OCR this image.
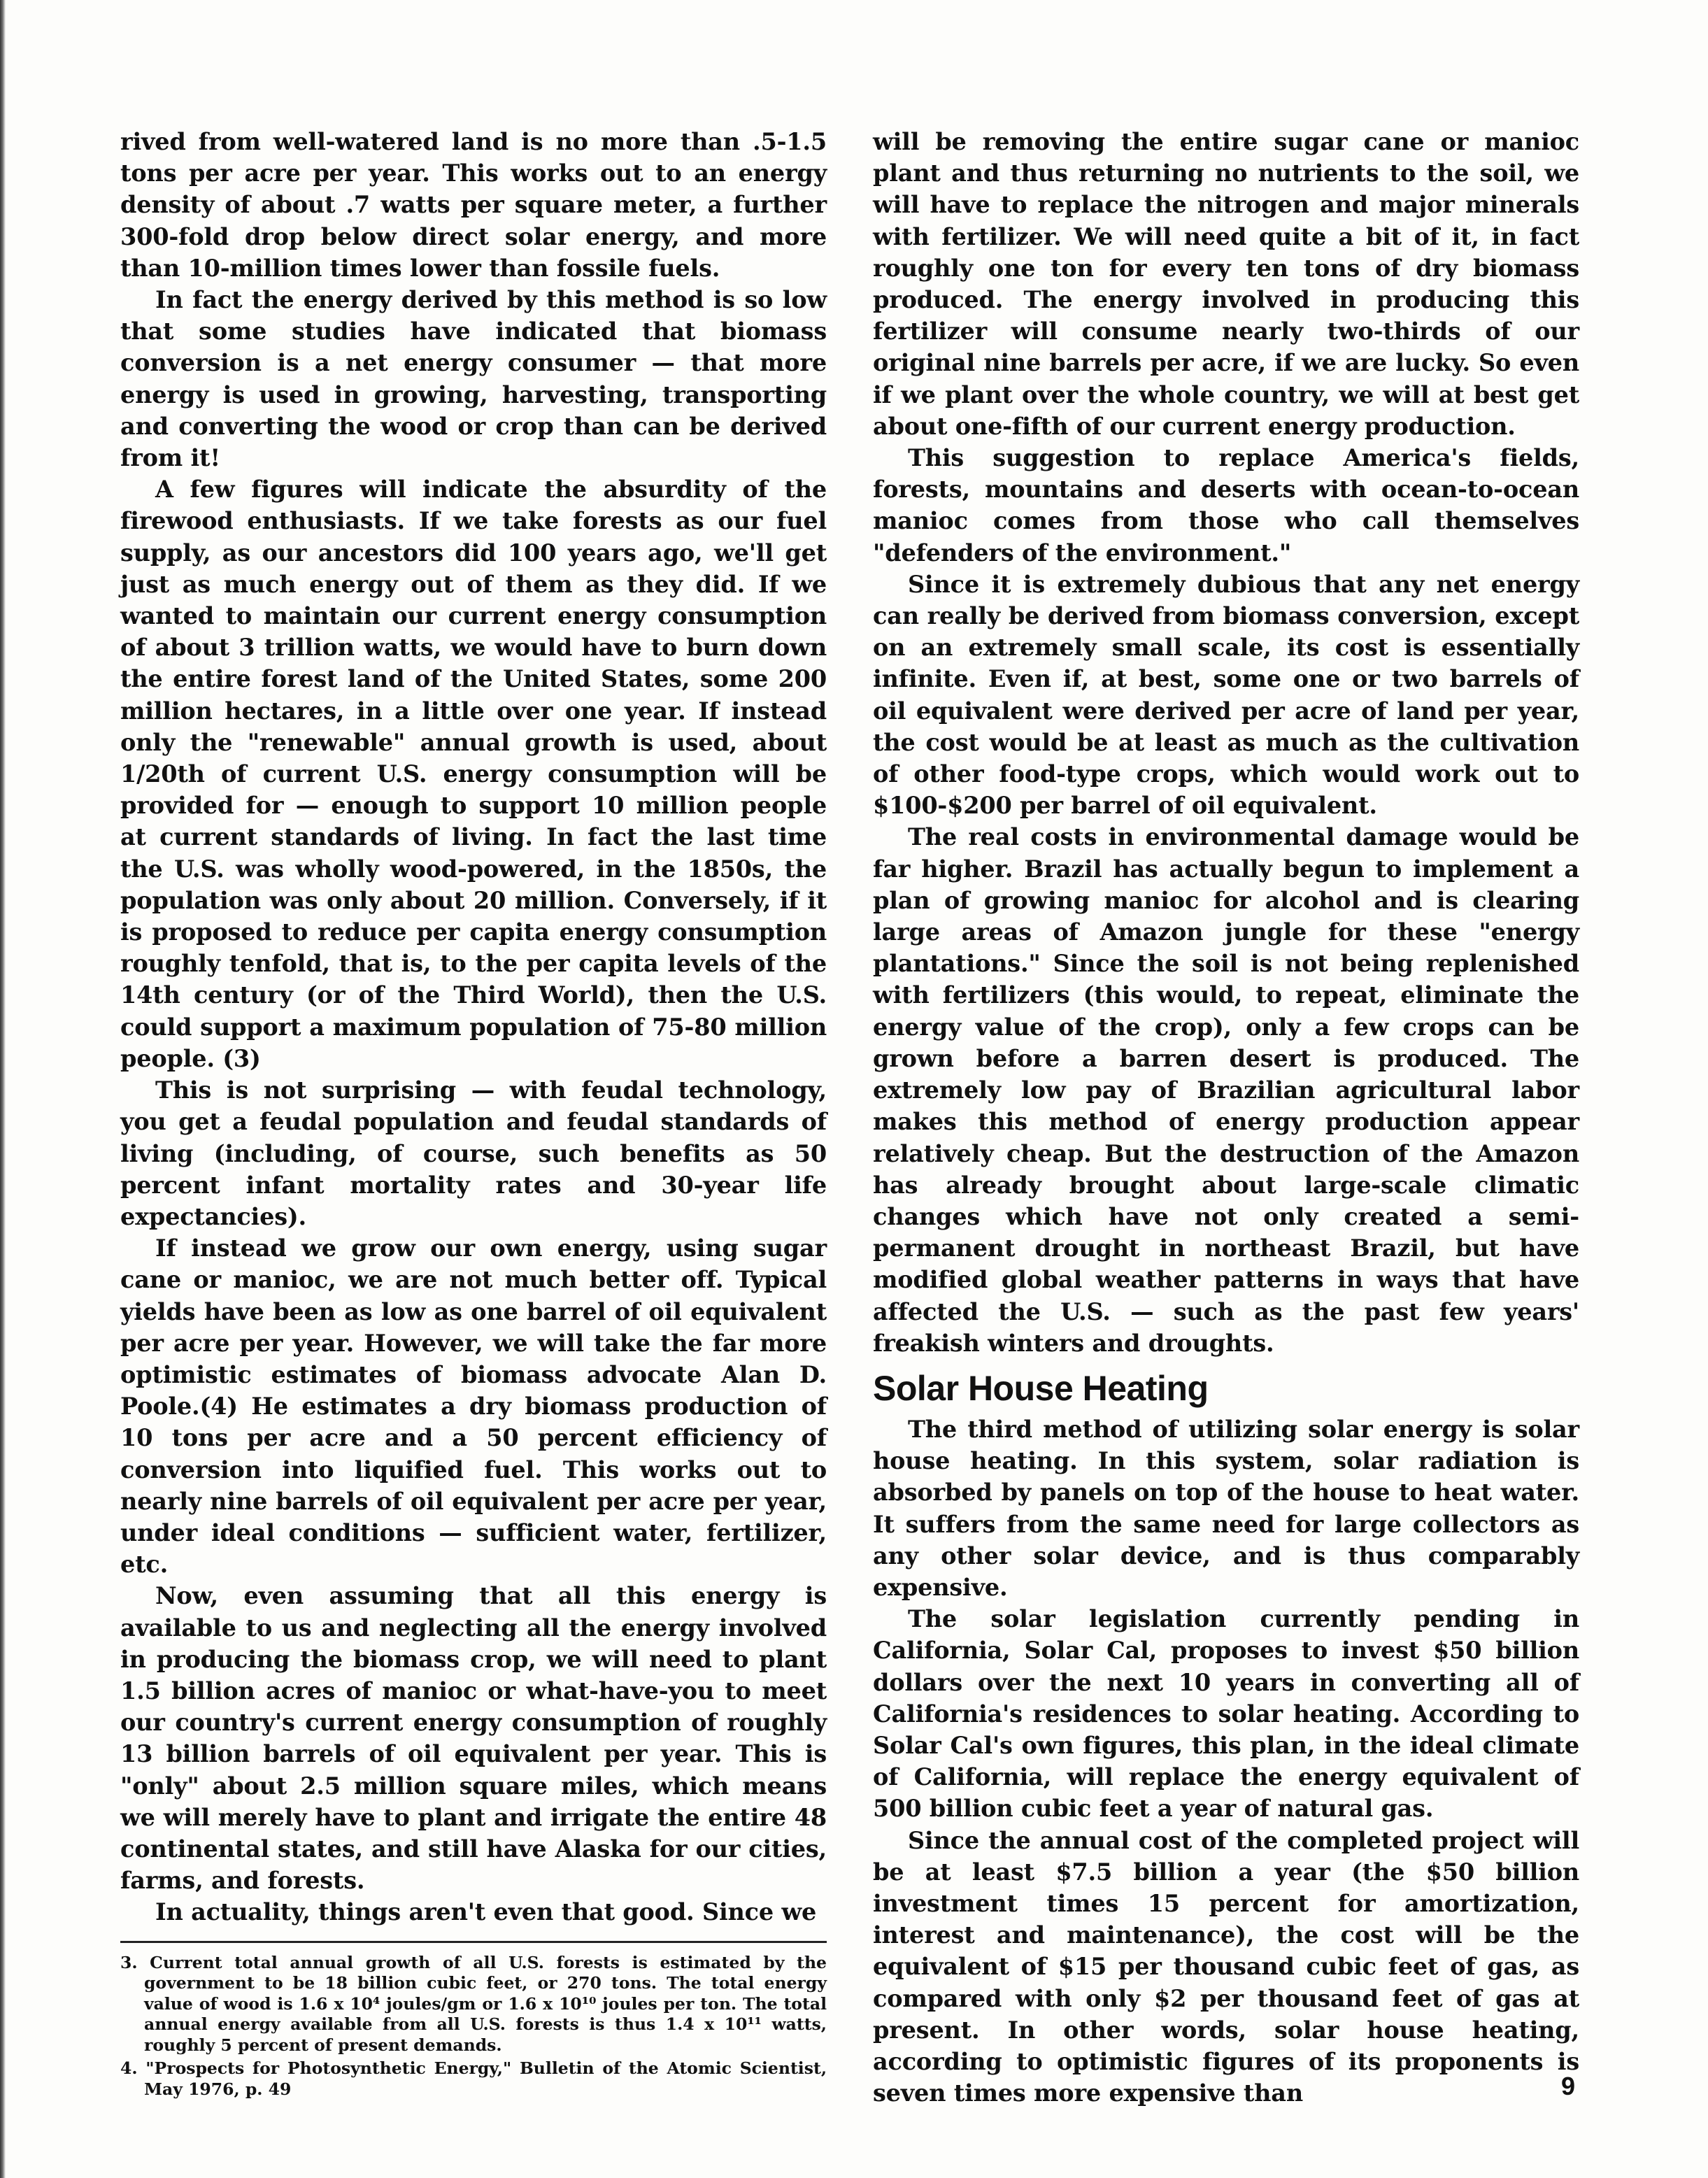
rived from well-watered land is no more than .5-1.5 tons per acre per year. This works out to an energy density of about .7 watts per square meter, a further 300-fold drop below direct solar energy, and more than 10-million times lower than fossile fuels.

In fact the energy derived by this method is so low that some studies have indicated that biomass conversion is a net energy consumer — that more energy is used in growing, harvesting, transporting and converting the wood or crop than can be derived from it!

A few figures will indicate the absurdity of the firewood enthusiasts. If we take forests as our fuel supply, as our ancestors did 100 years ago, we'll get just as much energy out of them as they did. If we wanted to maintain our current energy consumption of about 3 trillion watts, we would have to burn down the entire forest land of the United States, some 200 million hectares, in a little over one year. If instead only the "renewable" annual growth is used, about 1/20th of current U.S. energy consumption will be provided for — enough to support 10 million people at current standards of living. In fact the last time the U.S. was wholly wood-powered, in the 1850s, the population was only about 20 million. Conversely, if it is proposed to reduce per capita energy consumption roughly tenfold, that is, to the per capita levels of the 14th century (or of the Third World), then the U.S. could support a maximum population of 75-80 million people. (3)

This is not surprising — with feudal technology, you get a feudal population and feudal standards of living (including, of course, such benefits as 50 percent infant mortality rates and 30-year life expectancies).

If instead we grow our own energy, using sugar cane or manioc, we are not much better off. Typical yields have been as low as one barrel of oil equivalent per acre per year. However, we will take the far more optimistic estimates of biomass advocate Alan D. Poole.(4) He estimates a dry biomass production of 10 tons per acre and a 50 percent efficiency of conversion into liquified fuel. This works out to nearly nine barrels of oil equivalent per acre per year, under ideal conditions — sufficient water, fertilizer, etc.

Now, even assuming that all this energy is available to us and neglecting all the energy involved in producing the biomass crop, we will need to plant 1.5 billion acres of manioc or what-have-you to meet our country's current energy consumption of roughly 13 billion barrels of oil equivalent per year. This is "only" about 2.5 million square miles, which means we will merely have to plant and irrigate the entire 48 continental states, and still have Alaska for our cities, farms, and forests.

In actuality, things aren't even that good. Since we

3. Current total annual growth of all U.S. forests is estimated by the government to be 18 billion cubic feet, or 270 tons. The total energy value of wood is 1.6 x 10⁴ joules/gm or 1.6 x 10¹⁰ joules per ton. The total annual energy available from all U.S. forests is thus 1.4 x 10¹¹ watts, roughly 5 percent of present demands.

4. "Prospects for Photosynthetic Energy," Bulletin of the Atomic Scientist, May 1976, p. 49

will be removing the entire sugar cane or manioc plant and thus returning no nutrients to the soil, we will have to replace the nitrogen and major minerals with fertilizer. We will need quite a bit of it, in fact roughly one ton for every ten tons of dry biomass produced. The energy involved in producing this fertilizer will consume nearly two-thirds of our original nine barrels per acre, if we are lucky. So even if we plant over the whole country, we will at best get about one-fifth of our current energy production.

This suggestion to replace America's fields, forests, mountains and deserts with ocean-to-ocean manioc comes from those who call themselves "defenders of the environment."

Since it is extremely dubious that any net energy can really be derived from biomass conversion, except on an extremely small scale, its cost is essentially infinite. Even if, at best, some one or two barrels of oil equivalent were derived per acre of land per year, the cost would be at least as much as the cultivation of other food-type crops, which would work out to $100-$200 per barrel of oil equivalent.

The real costs in environmental damage would be far higher. Brazil has actually begun to implement a plan of growing manioc for alcohol and is clearing large areas of Amazon jungle for these "energy plantations." Since the soil is not being replenished with fertilizers (this would, to repeat, eliminate the energy value of the crop), only a few crops can be grown before a barren desert is produced. The extremely low pay of Brazilian agricultural labor makes this method of energy production appear relatively cheap. But the destruction of the Amazon has already brought about large-scale climatic changes which have not only created a semi-permanent drought in northeast Brazil, but have modified global weather patterns in ways that have affected the U.S. — such as the past few years' freakish winters and droughts.

Solar House Heating

The third method of utilizing solar energy is solar house heating. In this system, solar radiation is absorbed by panels on top of the house to heat water. It suffers from the same need for large collectors as any other solar device, and is thus comparably expensive.

The solar legislation currently pending in California, Solar Cal, proposes to invest $50 billion dollars over the next 10 years in converting all of California's residences to solar heating. According to Solar Cal's own figures, this plan, in the ideal climate of California, will replace the energy equivalent of 500 billion cubic feet a year of natural gas.

Since the annual cost of the completed project will be at least $7.5 billion a year (the $50 billion investment times 15 percent for amortization, interest and maintenance), the cost will be the equivalent of $15 per thousand cubic feet of gas, as compared with only $2 per thousand feet of gas at present. In other words, solar house heating, according to optimistic figures of its proponents is seven times more expensive than	9
